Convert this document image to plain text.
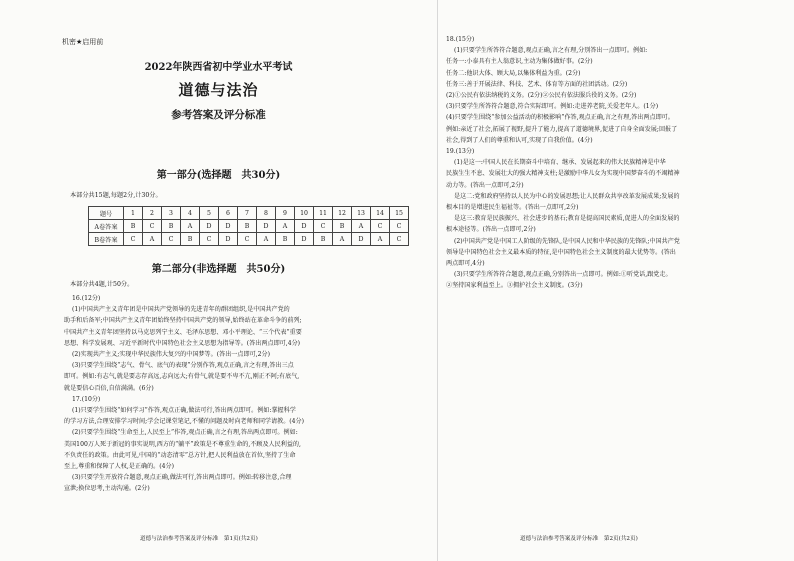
机密★启用前
2022年陕西省初中学业水平考试
道德与法治
参考答案及评分标准
第一部分(选择题　共30分)
本部分共15题,每题2分,计30分。
题号	1	2	3	4	5	6	7	8	9	10	11	12	13	14	15
A卷答案	B	C	B	A	D	D	B	D	A	D	C	B	A	C	C
B卷答案	C	A	C	B	C	D	C	A	B	D	B	A	D	A	C
第二部分(非选择题　共50分)
本部分共4题,计50分。

16.(12分)

(1)中国共产主义青年团是中国共产党领导的先进青年的群团组织,是中国共产党的

助手和后备军;中国共产主义青年团始终坚持中国共产党的领导,始终站在革命斗争的前列;

中国共产主义青年团坚持以马克思列宁主义、毛泽东思想、邓小平理论、“三个代表”重要

思想、科学发展观、习近平新时代中国特色社会主义思想为指导等。(答出两点即可,4分)

(2)实现共产主义;实现中华民族伟大复兴的中国梦等。(答出一点即可,2分)

(3)只要学生围绕“志气、骨气、底气的表现”分别作答,观点正确,言之有理,答出三点

即可。例如:有志气,就是要志存高远,志向远大;有骨气,就是要不卑不亢,刚正不阿;有底气,

就是要信心百倍,自信满满。(6分)

17.(10分)

(1)只要学生围绕“如何学习”作答,观点正确,做法可行,答出两点即可。例如:掌握科学

的学习方法,合理安排学习时间;学会记课堂笔记,不懂的问题及时向老师和同学请教。(4分)

(2)只要学生围绕“生命至上,人民至上”作答,观点正确,言之有理,答出两点即可。例如:

美国100万人死于新冠的事实说明,西方的“躺平”政策是不尊重生命的,不顾及人民利益的,

不负责任的政策。由此可见,中国的“动态清零”总方针,把人民利益放在首位,坚持了生命

至上,尊重和保障了人权,是正确的。(4分)

(3)只要学生开放符合题意,观点正确,做法可行,答出两点即可。例如:转移注意,合理

宣泄;换位思考,主动沟通。(2分)

道德与法治参考答案及评分标准　第1页(共2页)

18.(15分)

(1)只要学生所答符合题意,观点正确,言之有理,分别答出一点即可。例如:

任务一:小泰具有主人翁意识,主动为集体做好事。(2分)

任务二:他识大体、顾大局,以集体利益为重。(2分)

任务三:善于开展法律、科技、艺术、体育等方面的社团活动。(2分)

(2)①公民有依法纳税的义务。(2分)②公民有依法服兵役的义务。(2分)

(3)只要学生所答符合题意,符合实际即可。例如:走进养老院,关爱老年人。(1分)

(4)只要学生围绕“参加公益活动的积极影响”作答,观点正确,言之有理,答出两点即可。

例如:亲近了社会,拓展了视野,提升了能力,提高了道德境界,促进了自身全面发展;回报了

社会,得到了人们的尊重和认可,实现了自我价值。(4分)

19.(13分)

(1)是这一:中国人民在长期奋斗中培育、继承、发展起来的伟大民族精神是中华

民族生生不息、发展壮大的强大精神支柱;是激励中华儿女为实现中国梦奋斗的不竭精神

动力等。(答出一点即可,2分)

是这二:党和政府坚持以人民为中心的发展思想;让人民群众共享改革发展成果;发展的

根本目的是增进民生福祉等。(答出一点即可,2分)

是这三:教育是民族振兴、社会进步的基石;教育是提高国民素质,促进人的全面发展的

根本途径等。(答出一点即可,2分)

(2)中国共产党是中国工人阶级的先锋队,是中国人民和中华民族的先锋队;中国共产党

领导是中国特色社会主义最本质的特征,是中国特色社会主义制度的最大优势等。(答出

两点即可,4分)

(3)只要学生所答符合题意,观点正确,分别答出一点即可。例如:①听党话,跟党走。

②坚持国家利益至上。③拥护社会主义制度。(3分)

道德与法治参考答案及评分标准　第2页(共2页)
